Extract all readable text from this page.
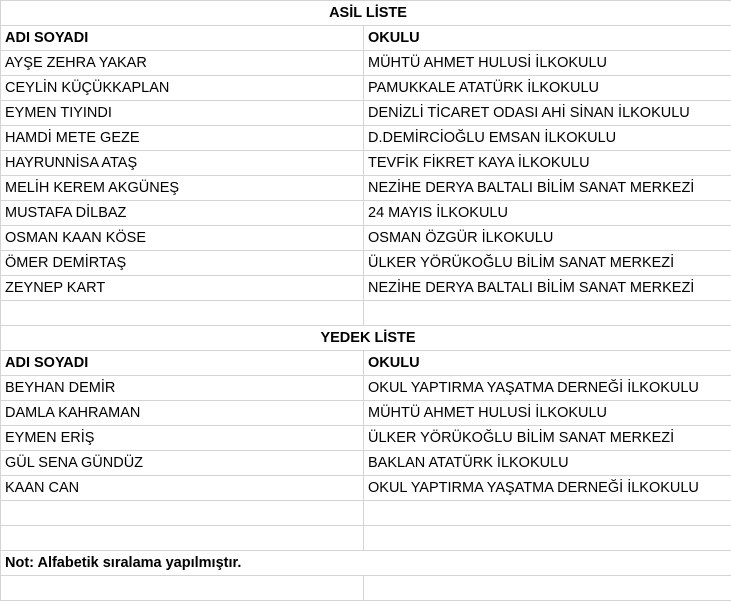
ASİL LİSTE	
ADI SOYADI	OKULU
AYŞE ZEHRA YAKAR	MÜHTÜ AHMET HULUSİ İLKOKULU
CEYLİN KÜÇÜKKAPLAN	PAMUKKALE ATATÜRK İLKOKULU
EYMEN TIYINDI	DENİZLİ TİCARET ODASI AHİ SİNAN İLKOKULU
HAMDİ METE GEZE	D.DEMİRCİOĞLU EMSAN İLKOKULU
HAYRUNNİSA ATAŞ	TEVFİK FİKRET KAYA İLKOKULU
MELİH KEREM AKGÜNEŞ	NEZİHE DERYA BALTALI BİLİM SANAT MERKEZİ
MUSTAFA DİLBAZ	24 MAYIS İLKOKULU
OSMAN KAAN KÖSE	OSMAN ÖZGÜR İLKOKULU
ÖMER DEMİRTAŞ	ÜLKER YÖRÜKOĞLU BİLİM SANAT MERKEZİ
ZEYNEP KART	NEZİHE DERYA BALTALI BİLİM SANAT MERKEZİ

YEDEK LİSTE	
ADI SOYADI	OKULU
BEYHAN DEMİR	OKUL YAPTIRMA YAŞATMA DERNEĞİ İLKOKULU
DAMLA KAHRAMAN	MÜHTÜ AHMET HULUSİ İLKOKULU
EYMEN ERİŞ	ÜLKER YÖRÜKOĞLU BİLİM SANAT MERKEZİ
GÜL SENA GÜNDÜZ	BAKLAN ATATÜRK İLKOKULU
KAAN CAN	OKUL YAPTIRMA YAŞATMA DERNEĞİ İLKOKULU

Not: Alfabetik sıralama yapılmıştır.	
